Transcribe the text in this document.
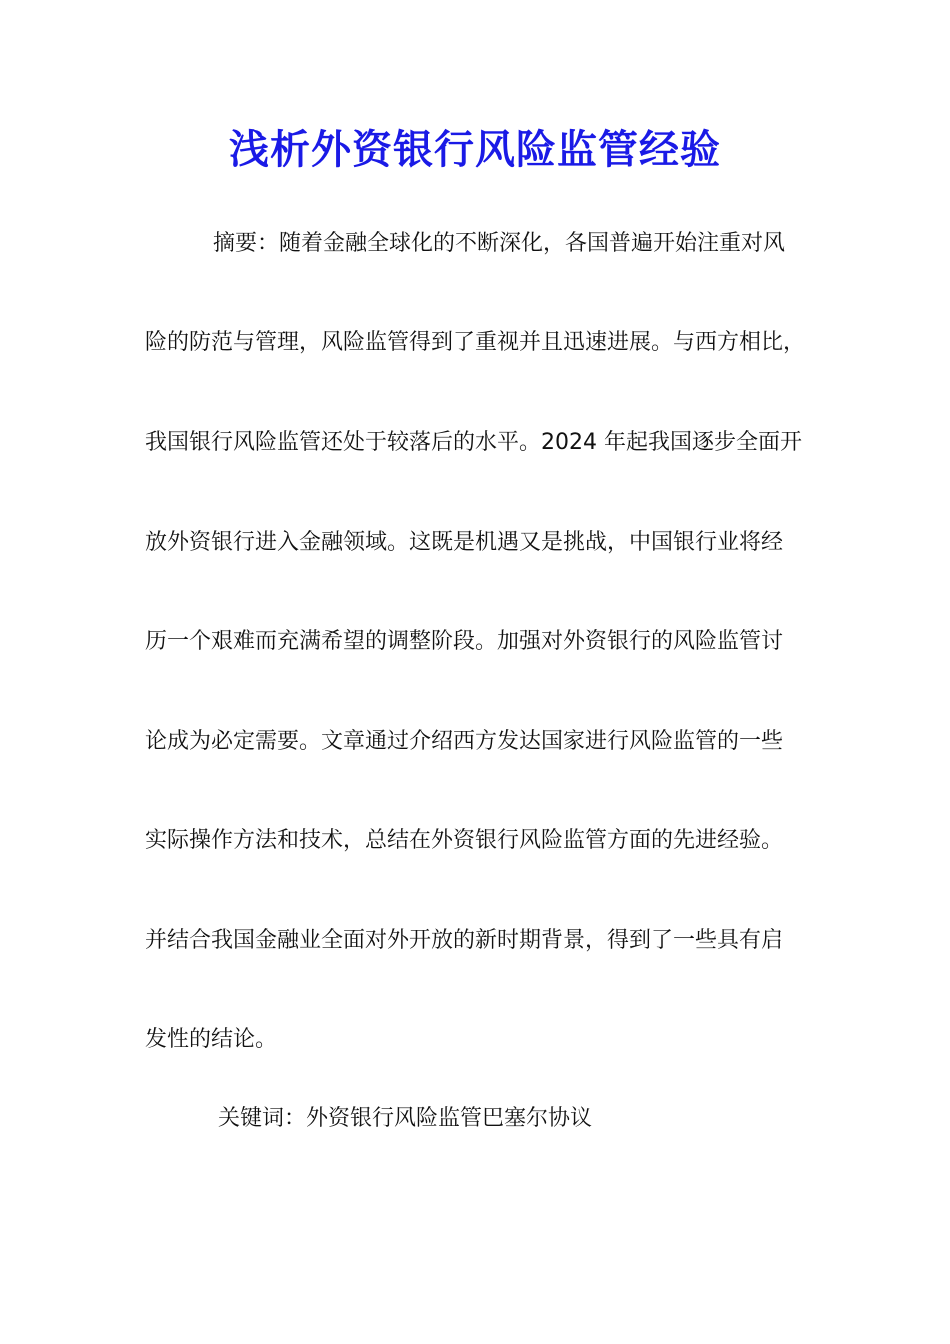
浅析外资银行风险监管经验
摘要：随着金融全球化的不断深化，各国普遍开始注重对风
险的防范与管理，风险监管得到了重视并且迅速进展。与西方相比，
我国银行风险监管还处于较落后的水平。2024 年起我国逐步全面开
放外资银行进入金融领域。这既是机遇又是挑战，中国银行业将经
历一个艰难而充满希望的调整阶段。加强对外资银行的风险监管讨
论成为必定需要。文章通过介绍西方发达国家进行风险监管的一些
实际操作方法和技术，总结在外资银行风险监管方面的先进经验。
并结合我国金融业全面对外开放的新时期背景，得到了一些具有启
发性的结论。
关键词：外资银行风险监管巴塞尔协议
